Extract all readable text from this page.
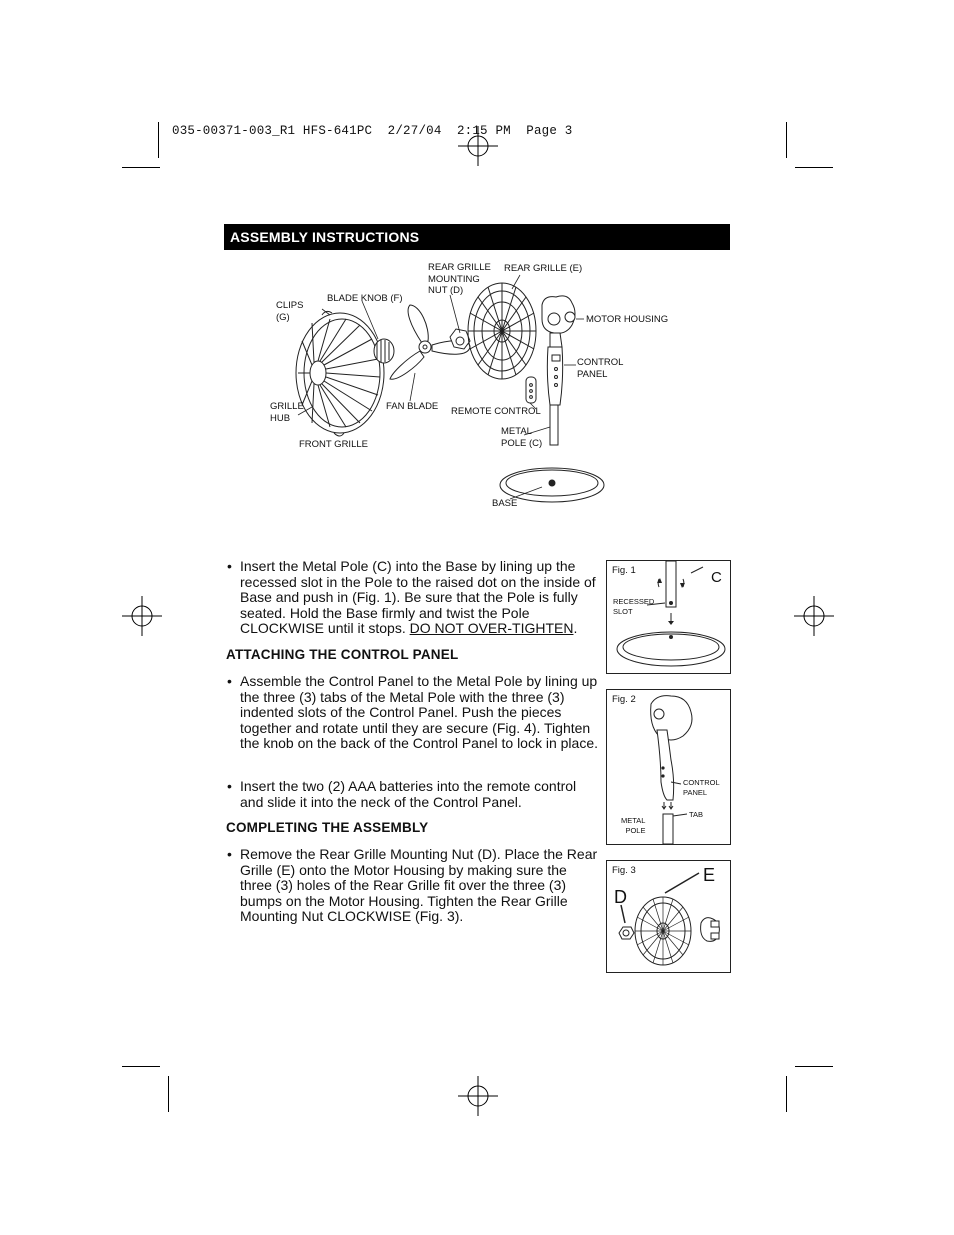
035-00371-003_R1 HFS-641PC  2/27/04  2:15 PM  Page 3
ASSEMBLY INSTRUCTIONS
REAR GRILLE
MOUNTING
NUT (D)
REAR GRILLE (E)
CLIPS
(G)
BLADE KNOB (F)
MOTOR HOUSING
CONTROL
PANEL
GRILLE
HUB
FAN BLADE REMOTE CONTROL
FRONT GRILLE
METAL
POLE (C)
BASE
• Insert the Metal Pole (C) into the Base by lining up the recessed slot in the Pole to the raised dot on the inside of Base and push in (Fig. 1). Be sure that the Pole is fully seated. Hold the Base firmly and twist the Pole CLOCKWISE until it stops. DO NOT OVER-TIGHTEN.
ATTACHING THE CONTROL PANEL
• Assemble the Control Panel to the Metal Pole by lining up the three (3) tabs of the Metal Pole with the three (3) indented slots of the Control Panel. Push the pieces together and rotate until they are secure (Fig. 4). Tighten the knob on the back of the Control Panel to lock in place.
• Insert the two (2) AAA batteries into the remote control and slide it into the neck of the Control Panel.
COMPLETING THE ASSEMBLY
• Remove the Rear Grille Mounting Nut (D). Place the Rear Grille (E) onto the Motor Housing by making sure the three (3) holes of the Rear Grille fit over the three (3) bumps on the Motor Housing. Tighten the Rear Grille Mounting Nut CLOCKWISE (Fig. 3).
Fig. 1	C
RECESSED
SLOT
Fig. 2
CONTROL
PANEL
TAB
METAL
POLE
Fig. 3	E
D
